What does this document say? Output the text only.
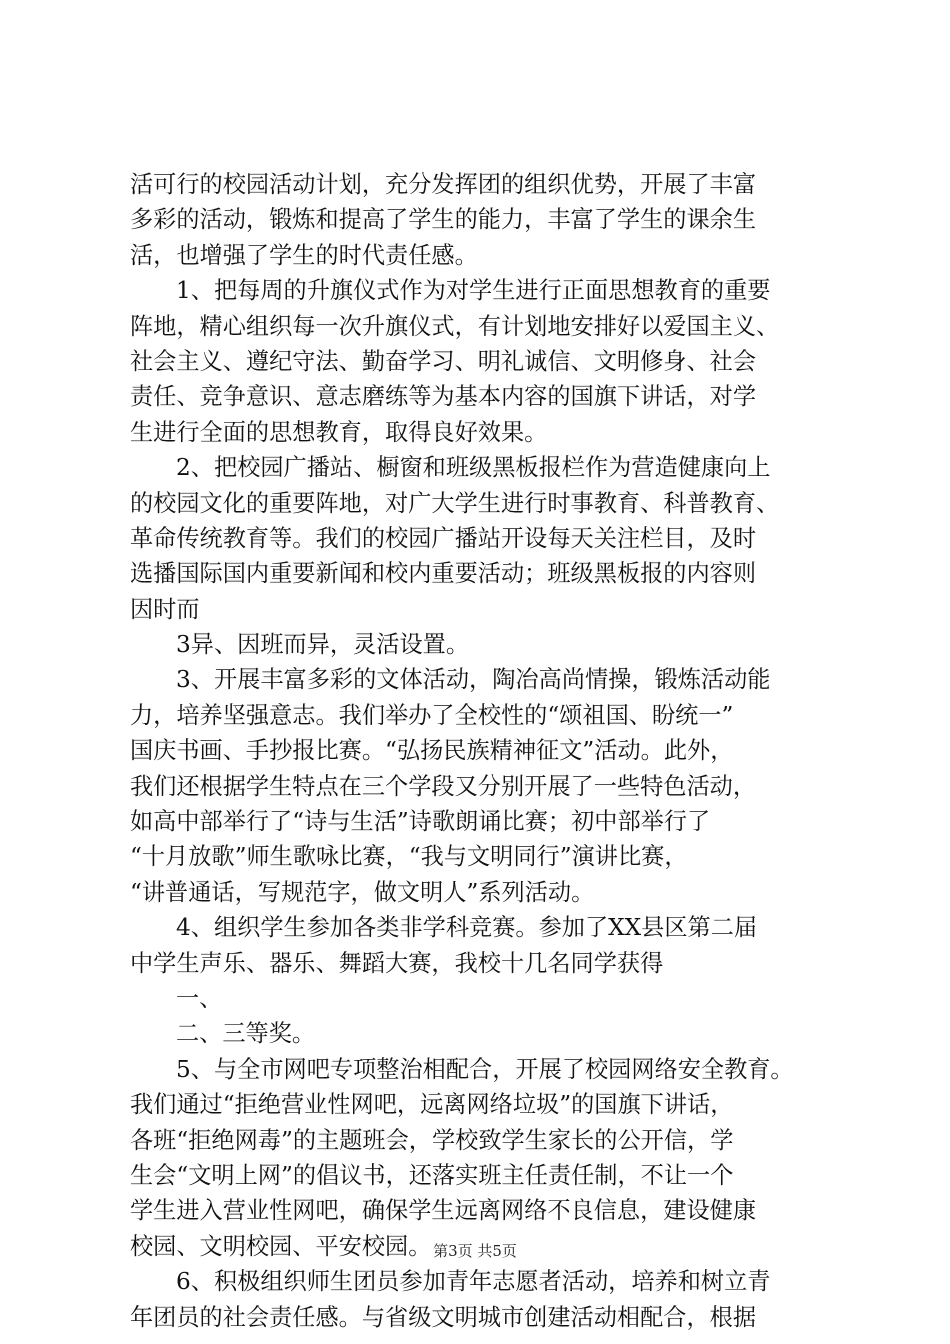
活可行的校园活动计划，充分发挥团的组织优势，开展了丰富
多彩的活动，锻炼和提高了学生的能力，丰富了学生的课余生
活，也增强了学生的时代责任感。
1、把每周的升旗仪式作为对学生进行正面思想教育的重要
阵地，精心组织每一次升旗仪式，有计划地安排好以爱国主义、
社会主义、遵纪守法、勤奋学习、明礼诚信、文明修身、社会
责任、竞争意识、意志磨练等为基本内容的国旗下讲话，对学
生进行全面的思想教育，取得良好效果。
2、把校园广播站、橱窗和班级黑板报栏作为营造健康向上
的校园文化的重要阵地，对广大学生进行时事教育、科普教育、
革命传统教育等。我们的校园广播站开设每天关注栏目，及时
选播国际国内重要新闻和校内重要活动；班级黑板报的内容则
因时而
3异、因班而异，灵活设置。
3、开展丰富多彩的文体活动，陶冶高尚情操，锻炼活动能
力，培养坚强意志。我们举办了全校性的“颂祖国、盼统一”
国庆书画、手抄报比赛。“弘扬民族精神征文”活动。此外，
我们还根据学生特点在三个学段又分别开展了一些特色活动，
如高中部举行了“诗与生活”诗歌朗诵比赛；初中部举行了
“十月放歌”师生歌咏比赛，“我与文明同行”演讲比赛，
“讲普通话，写规范字，做文明人”系列活动。
4、组织学生参加各类非学科竞赛。参加了XX县区第二届
中学生声乐、器乐、舞蹈大赛，我校十几名同学获得
一、
二、三等奖。
5、与全市网吧专项整治相配合，开展了校园网络安全教育。
我们通过“拒绝营业性网吧，远离网络垃圾”的国旗下讲话，
各班“拒绝网毒”的主题班会，学校致学生家长的公开信，学
生会“文明上网”的倡议书，还落实班主任责任制，不让一个
学生进入营业性网吧，确保学生远离网络不良信息，建设健康
校园、文明校园、平安校园。
6、积极组织师生团员参加青年志愿者活动，培养和树立青
年团员的社会责任感。与省级文明城市创建活动相配合，根据
第3页 共5页
